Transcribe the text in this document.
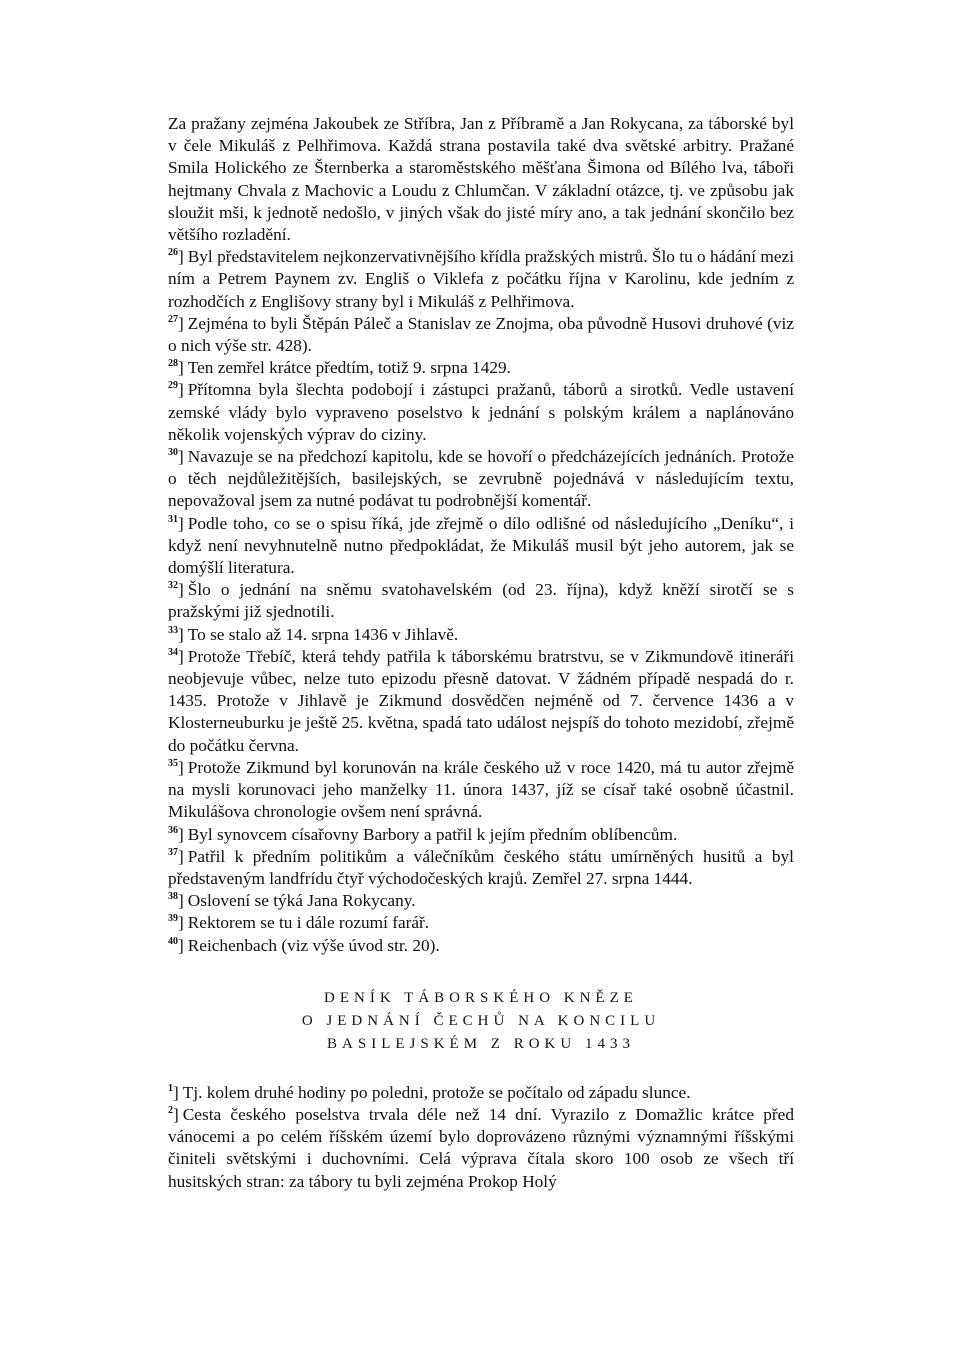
Za pražany zejména Jakoubek ze Stříbra, Jan z Příbramě a Jan Rokycana, za táborské byl v čele Mikuláš z Pelhřimova. Každá strana postavila také dva světské arbitry. Pražané Smila Holického ze Šternberka a staroměstského měšťana Šimona od Bílého lva, táboři hejtmany Chvala z Machovic a Loudu z Chlumčan. V základní otázce, tj. ve způsobu jak sloužit mši, k jednotě nedošlo, v jiných však do jisté míry ano, a tak jednání skončilo bez většího rozladění.

$^{26}$] Byl představitelem nejkonzervativnějšího křídla pražských mistrů. Šlo tu o hádání mezi ním a Petrem Paynem zv. Engliš o Viklefa z počátku října v Karolinu, kde jedním z rozhodčích z Englišovy strany byl i Mikuláš z Pelhřimova.

$^{27}$] Zejména to byli Štěpán Páleč a Stanislav ze Znojma, oba původně Husovi druhové (viz o nich výše str. 428).

$^{28}$] Ten zemřel krátce předtím, totiž 9. srpna 1429.

$^{29}$] Přítomna byla šlechta podobojí i zástupci pražanů, táborů a sirotků. Vedle ustavení zemské vlády bylo vypraveno poselstvo k jednání s polským králem a naplánováno několik vojenských výprav do ciziny.

$^{30}$] Navazuje se na předchozí kapitolu, kde se hovoří o předcházejících jednáních. Protože o těch nejdůležitějších, basilejských, se zevrubně pojednává v následujícím textu, nepovažoval jsem za nutné podávat tu podrobnější komentář.

$^{31}$] Podle toho, co se o spisu říká, jde zřejmě o dílo odlišné od následujícího „Deníku“, i když není nevyhnutelně nutno předpokládat, že Mikuláš musil být jeho autorem, jak se domýšlí literatura.

$^{32}$] Šlo o jednání na sněmu svatohavelském (od 23. října), když kněží sirotčí se s pražskými již sjednotili.

$^{33}$] To se stalo až 14. srpna 1436 v Jihlavě.

$^{34}$] Protože Třebíč, která tehdy patřila k táborskému bratrstvu, se v Zikmundově itineráři neobjevuje vůbec, nelze tuto epizodu přesně datovat. V žádném případě nespadá do r. 1435. Protože v Jihlavě je Zikmund dosvědčen nejméně od 7. července 1436 a v Klosterneuburku je ještě 25. května, spadá tato událost nejspíš do tohoto mezidobí, zřejmě do počátku června.

$^{35}$] Protože Zikmund byl korunován na krále českého už v roce 1420, má tu autor zřejmě na mysli korunovaci jeho manželky 11. února 1437, jíž se císař také osobně účastnil. Mikulášova chronologie ovšem není správná.

$^{36}$] Byl synovcem císařovny Barbory a patřil k jejím předním oblíbencům.

$^{37}$] Patřil k předním politikům a válečníkům českého státu umírněných husitů a byl představeným landfrídu čtyř východočeských krajů. Zemřel 27. srpna 1444.

$^{38}$] Oslovení se týká Jana Rokycany.

$^{39}$] Rektorem se tu i dále rozumí farář.

$^{40}$] Reichenbach (viz výše úvod str. 20).

DENÍK TÁBORSKÉHO KNĚZE
O JEDNÁNÍ ČECHŮ NA KONCILU
BASILEJSKÉM Z ROKU 1433

$^1$] Tj. kolem druhé hodiny po poledni, protože se počítalo od západu slunce.

$^2$] Cesta českého poselstva trvala déle než 14 dní. Vyrazilo z Domažlic krátce před vánocemi a po celém říšském území bylo doprovázeno různými významnými říšskými činiteli světskými i duchovními. Celá výprava čítala skoro 100 osob ze všech tří husitských stran: za tábory tu byli zejména Prokop Holý
